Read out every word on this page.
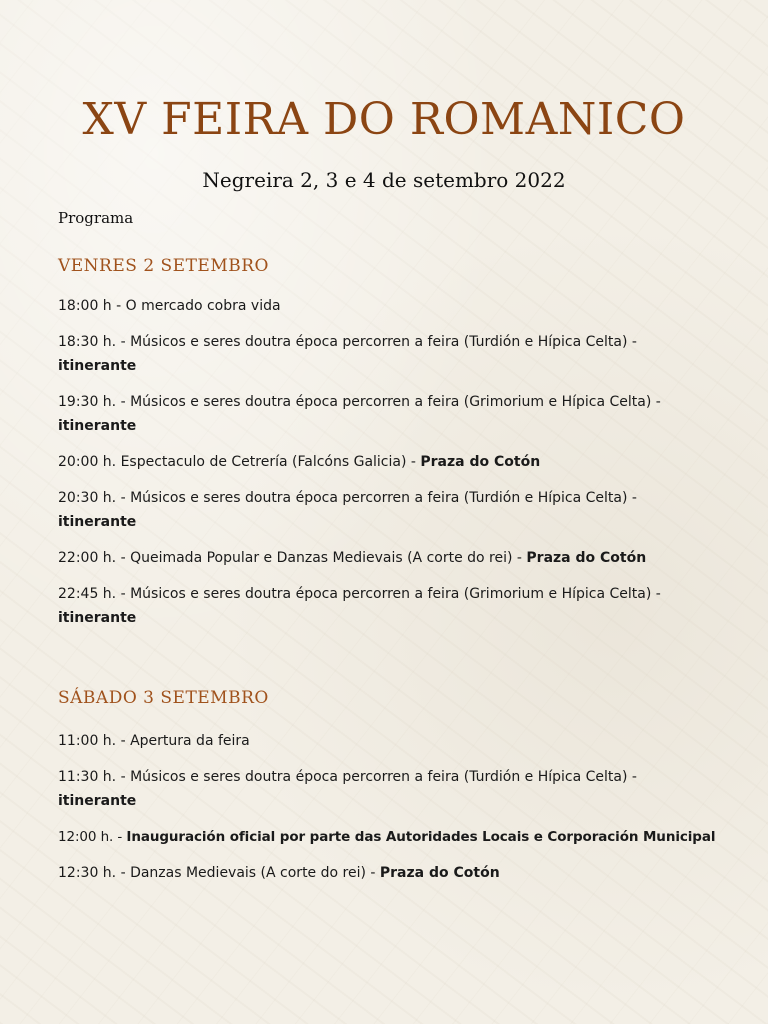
XV FEIRA DO ROMANICO
Negreira 2, 3 e 4 de setembro 2022
Programa
VENRES 2 SETEMBRO
18:00 h - O mercado cobra vida
18:30 h. - Músicos e seres doutra época percorren a feira (Turdión e Hípica Celta) -
itinerante
19:30 h. - Músicos e seres doutra época percorren a feira (Grimorium e Hípica Celta) -
itinerante
20:00 h. Espectaculo de Cetrería (Falcóns Galicia) - Praza do Cotón
20:30 h. - Músicos e seres doutra época percorren a feira (Turdión e Hípica Celta) -
itinerante
22:00 h. - Queimada Popular e Danzas Medievais (A corte do rei) - Praza do Cotón
22:45 h. - Músicos e seres doutra época percorren a feira (Grimorium e Hípica Celta) -
itinerante
SÁBADO 3 SETEMBRO
11:00 h. - Apertura da feira
11:30 h. - Músicos e seres doutra época percorren a feira (Turdión e Hípica Celta) -
itinerante
12:00 h. - Inauguración oficial por parte das Autoridades Locais e Corporación Municipal
12:30 h. - Danzas Medievais (A corte do rei) - Praza do Cotón
